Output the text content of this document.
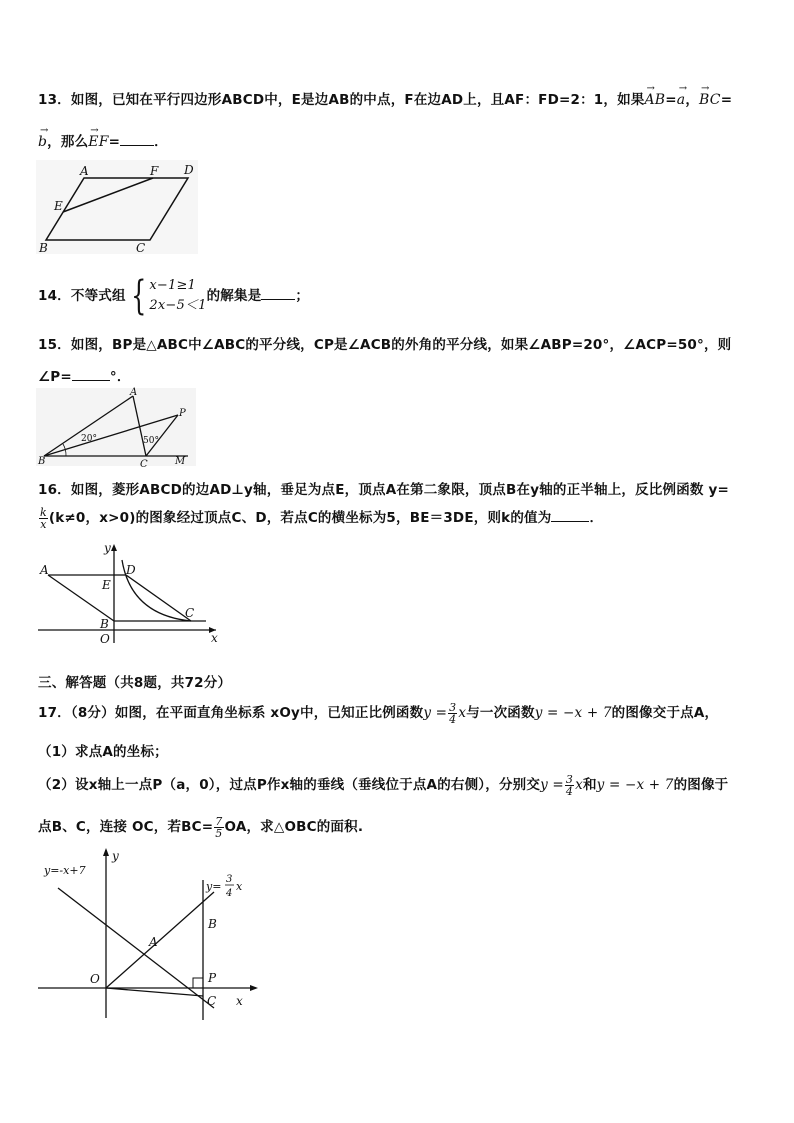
13．如图，已知在平行四边形ABCD中，E是边AB的中点，F在边AD上，且AF：FD=2：1，如果
→
AB=
→
a，
→
BC=
→
b，那么
→
EF=	．
A	F D
E
B	C
14．不等式组 { x−1≥1
2x−5＜1
的解集是	；
15．如图，BP是△ABC中∠ABC的平分线，CP是∠ACB的外角的平分线，如果∠ABP=20°，∠ACP=50°，则
∠P=	°．
B
A
P
C	M
20°	50°
16．如图，菱形ABCD的边AD⊥y轴，垂足为点E，顶点A在第二象限，顶点B在y轴的正半轴上，反比例函数 y=
$\frac{k}{x} (k\ne 0$，x>0)的图象经过顶点C、D，若点C的横坐标为5，BE＝3DE，则k的值为	．
y
A	D
E
C
B
O	x
三、解答题（共8题，共72分）
17．（8分）如图，在平面直角坐标系 xOy中，已知正比例函数$y = \frac{3}{4}$ x与一次函数y = −x + 7的图像交于点A，
（1）求点A的坐标；
（2）设x轴上一点P（a，0），过点P作x轴的垂线（垂线位于点A的右侧），分别交$y = \frac{3}{4}$ x和y = −x + 7的图像于
点B、C，连接 OC，若$BC= \frac{7}{5}$ OA，求△OBC的面积.
y=-x+7
y
y=
3
4
x
A
B
P
C
O
x
